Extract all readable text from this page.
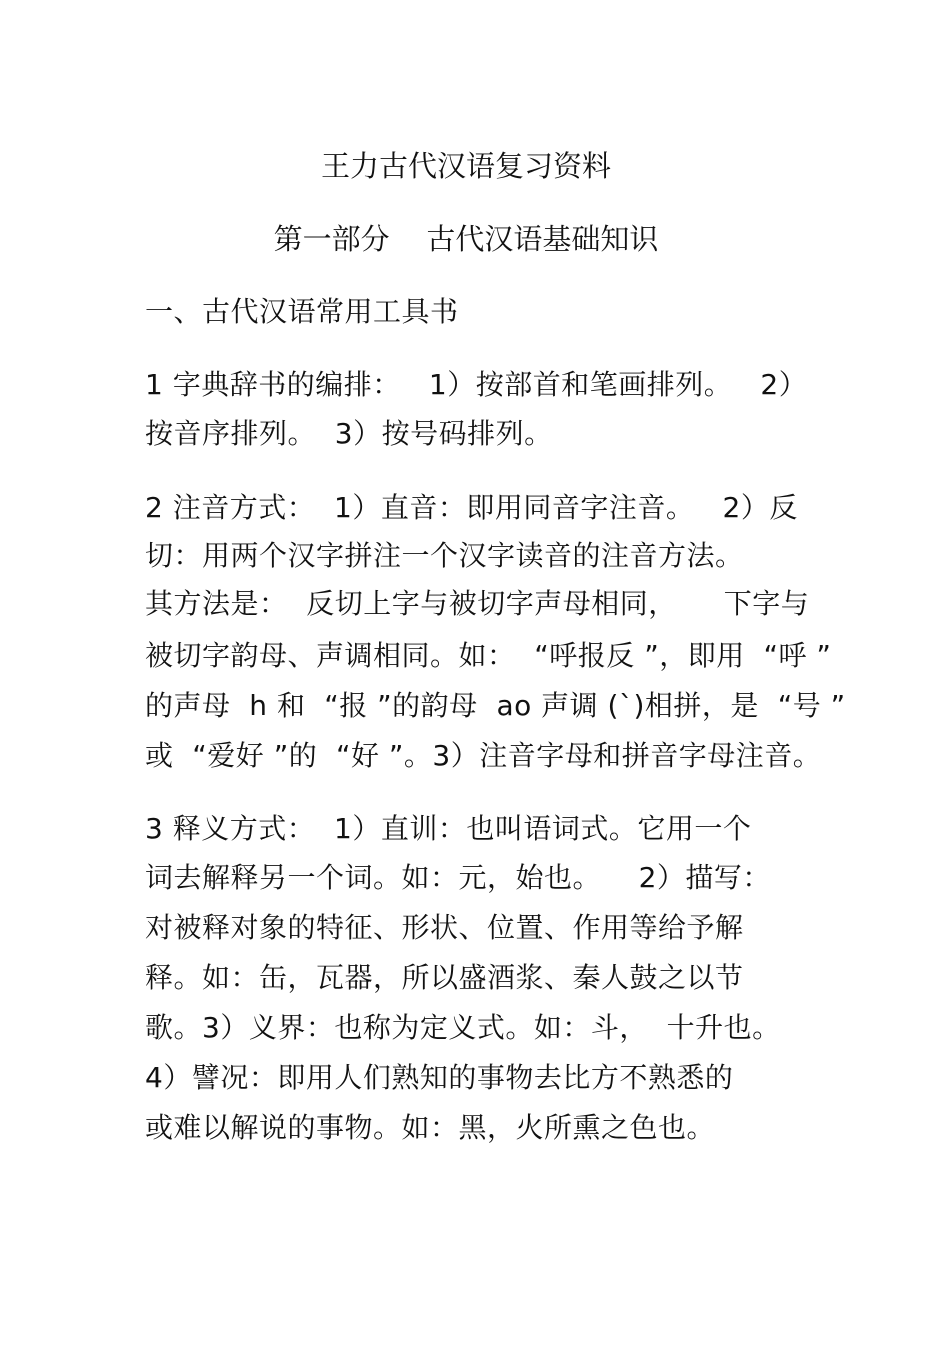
王力古代汉语复习资料
第一部分    古代汉语基础知识
一、古代汉语常用工具书
1 字典辞书的编排：   1）按部首和笔画排列。   2）
按音序排列。  3）按号码排列。
2 注音方式：  1）直音：即用同音字注音。   2）反
切：用两个汉字拼注一个汉字读音的注音方法。
其方法是：  反切上字与被切字声母相同，     下字与
被切字韵母、声调相同。如：  “呼报反 ”，即用  “呼 ”
的声母  h 和  “报 ”的韵母  ao 声调 (ˋ)相拼，是  “号 ”
或  “爱好 ”的  “好 ”。3）注音字母和拼音字母注音。
3 释义方式：  1）直训：也叫语词式。它用一个
词去解释另一个词。如：元，始也。    2）描写：
对被释对象的特征、形状、位置、作用等给予解
释。如：缶，瓦器，所以盛酒浆、秦人鼓之以节
歌。3）义界：也称为定义式。如：斗，  十升也。
4）譬况：即用人们熟知的事物去比方不熟悉的
或难以解说的事物。如：黑，火所熏之色也。
